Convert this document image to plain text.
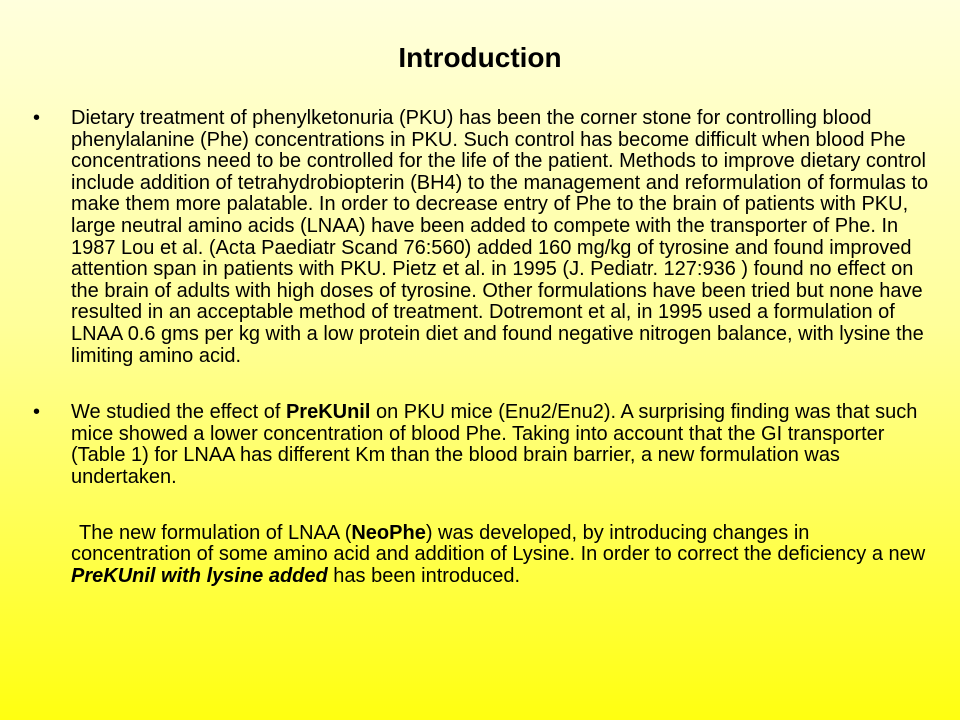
Introduction

• Dietary treatment of phenylketonuria (PKU) has been the corner stone for controlling blood phenylalanine (Phe) concentrations in PKU. Such control has become difficult when blood Phe concentrations need to be controlled for the life of the patient. Methods to improve dietary control include addition of tetrahydrobiopterin (BH4) to the management and reformulation of formulas to make them more palatable. In order to decrease entry of Phe to the brain of patients with PKU, large neutral amino acids (LNAA) have been added to compete with the transporter of Phe. In 1987 Lou et al. (Acta Paediatr Scand 76:560) added 160 mg/kg of tyrosine and found improved attention span in patients with PKU. Pietz et al. in 1995 (J. Pediatr. 127:936 ) found no effect on the brain of adults with high doses of tyrosine. Other formulations have been tried but none have resulted in an acceptable method of treatment. Dotremont et al, in 1995 used a formulation of LNAA 0.6 gms per kg with a low protein diet and found negative nitrogen balance, with lysine the limiting amino acid.

• We studied the effect of PreKUnil on PKU mice (Enu2/Enu2). A surprising finding was that such mice showed a lower concentration of blood Phe. Taking into account that the GI transporter (Table 1) for LNAA has different Km than the blood brain barrier, a new formulation was undertaken.

The new formulation of LNAA (NeoPhe) was developed, by introducing changes in concentration of some amino acid and addition of Lysine. In order to correct the deficiency a new PreKUnil with lysine added has been introduced.
